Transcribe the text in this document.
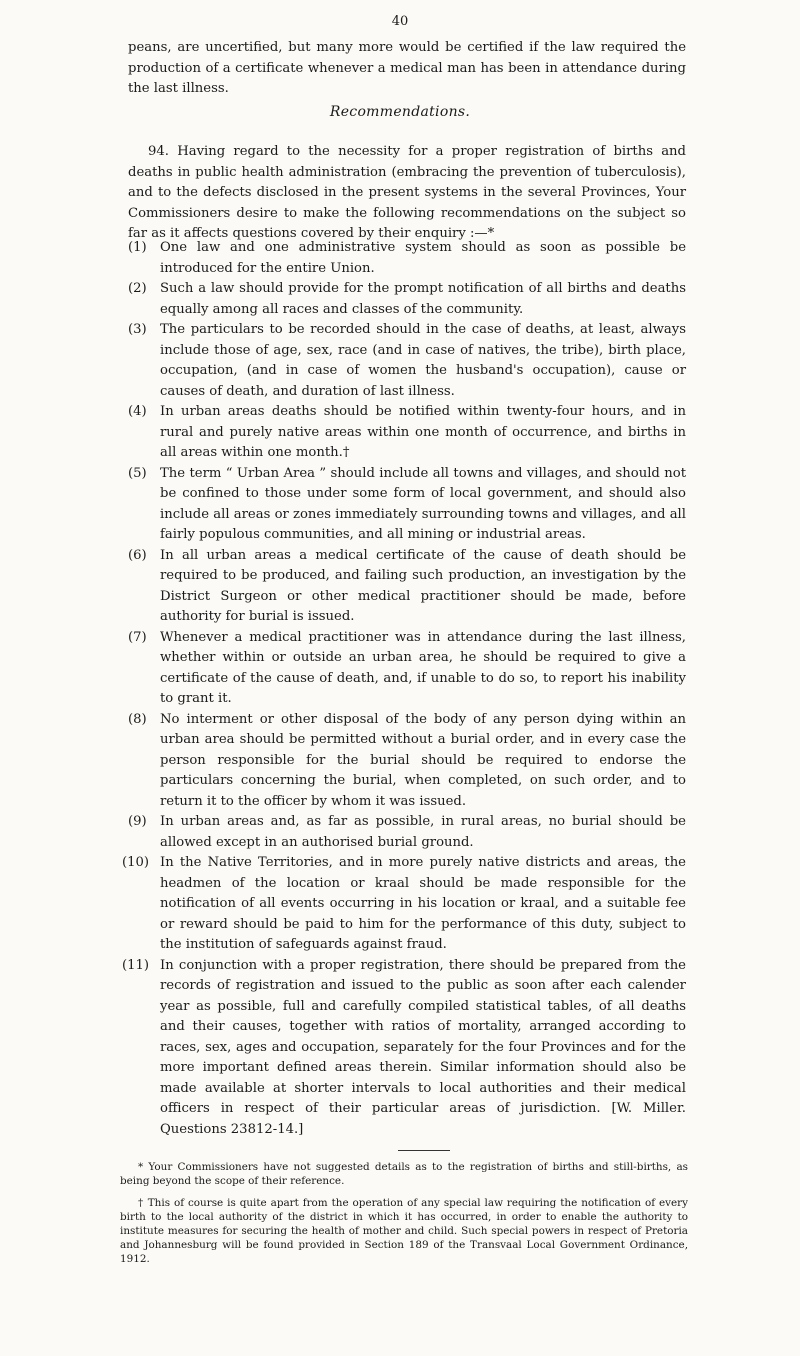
40

peans, are uncertified, but many more would be certified if the law required the production of a certificate whenever a medical man has been in attendance during the last illness.

Recommendations.

94. Having regard to the necessity for a proper registration of births and deaths in public health administration (embracing the prevention of tuberculosis), and to the defects disclosed in the present systems in the several Provinces, Your Commissioners desire to make the following recommendations on the subject so far as it affects questions covered by their enquiry :—*

(1)	One law and one administrative system should as soon as possible be introduced for the entire Union.
(2)	Such a law should provide for the prompt notification of all births and deaths equally among all races and classes of the community.
(3)	The particulars to be recorded should in the case of deaths, at least, always include those of age, sex, race (and in case of natives, the tribe), birth place, occupation, (and in case of women the husband's occupation), cause or causes of death, and duration of last illness.
(4)	In urban areas deaths should be notified within twenty-four hours, and in rural and purely native areas within one month of occurrence, and births in all areas within one month.†
(5)	The term “ Urban Area ” should include all towns and villages, and should not be confined to those under some form of local government, and should also include all areas or zones immediately surrounding towns and villages, and all fairly populous communities, and all mining or industrial areas.
(6)	In all urban areas a medical certificate of the cause of death should be required to be produced, and failing such production, an investigation by the District Surgeon or other medical practitioner should be made, before authority for burial is issued.
(7)	Whenever a medical practitioner was in attendance during the last illness, whether within or outside an urban area, he should be required to give a certificate of the cause of death, and, if unable to do so, to report his inability to grant it.
(8)	No interment or other disposal of the body of any person dying within an urban area should be permitted without a burial order, and in every case the person responsible for the burial should be required to endorse the particulars concerning the burial, when completed, on such order, and to return it to the officer by whom it was issued.
(9)	In urban areas and, as far as possible, in rural areas, no burial should be allowed except in an authorised burial ground.
(10) In the Native Territories, and in more purely native districts and areas, the headmen of the location or kraal should be made responsible for the notification of all events occurring in his location or kraal, and a suitable fee or reward should be paid to him for the performance of this duty, subject to the institution of safeguards against fraud.
(11) In conjunction with a proper registration, there should be prepared from the records of registration and issued to the public as soon after each calender year as possible, full and carefully compiled statistical tables, of all deaths and their causes, together with ratios of mortality, arranged according to races, sex, ages and occupation, separately for the four Provinces and for the more important defined areas therein. Similar information should also be made available at shorter intervals to local authorities and their medical officers in respect of their particular areas of jurisdiction. [W. Miller. Questions 23812-14.]

* Your Commissioners have not suggested details as to the registration of births and still-births, as being beyond the scope of their reference.

† This of course is quite apart from the operation of any special law requiring the notification of every birth to the local authority of the district in which it has occurred, in order to enable the authority to institute measures for securing the health of mother and child. Such special powers in respect of Pretoria and Johannesburg will be found provided in Section 189 of the Transvaal Local Government Ordinance, 1912.
